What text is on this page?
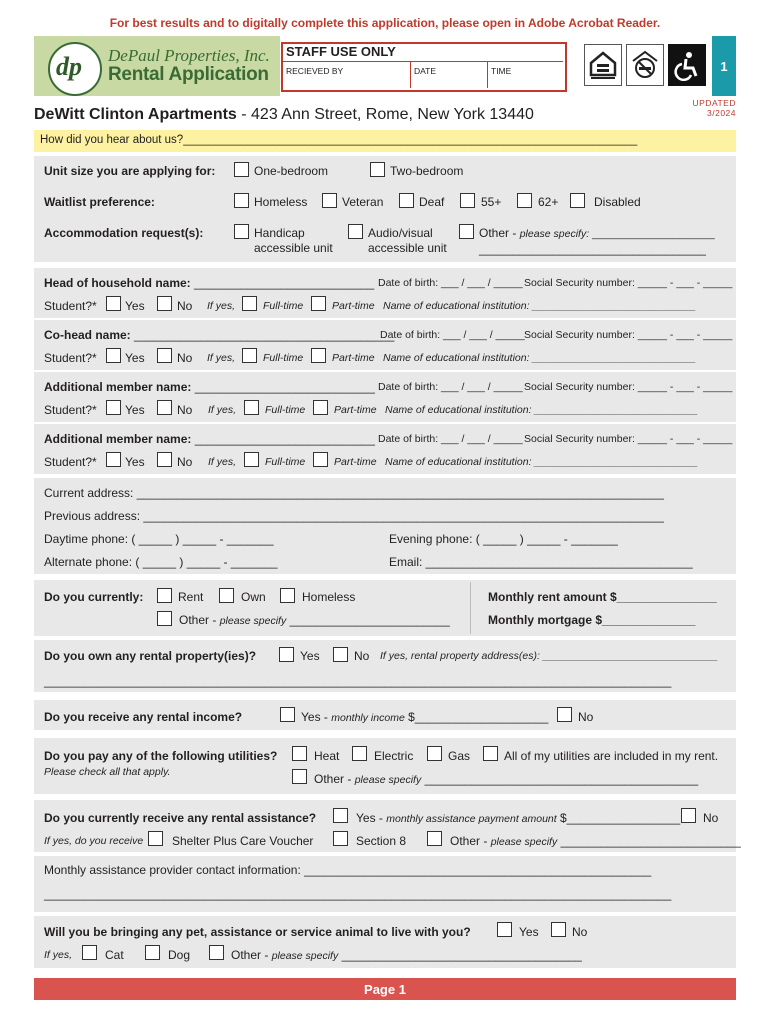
For best results and to digitally complete this application, please open in Adobe Acrobat Reader.
dp DePaul Properties, Inc.
Rental Application
STAFF USE ONLY
RECIEVED BY	DATE	TIME	1
UPDATED
3/2024
DeWitt Clinton Apartments - 423 Ann Street, Rome, New York 13440
How did you hear about us?_______________________________________________________________________
Unit size you are applying for:	One-bedroom	Two-bedroom
Waitlist preference:	Homeless	Veteran	Deaf	55+	62+	Disabled
Accommodation request(s):	Handicap
accessible unit
Audio/visual
accessible unit
Other - please specify: _____________________
__________________________________
Head of household name: ___________________________ Date of birth: ___ / ___ / _____ Social Security number: _____ - ___ - _____
Student?* Yes	No If yes,	Full-time	Part-time Name of educational institution: ____________________________
Co-head name: _______________________________________
Date of birth: ___ / ___ / _____ Social Security number: _____ - ___ - _____
Student?* Yes	No If yes,	Full-time	Part-time Name of educational institution: ____________________________
Additional member name: ___________________________ Date of birth: ___ / ___ / _____ Social Security number: _____ - ___ - _____
Student?* Yes	No If yes,	Full-time	Part-time Name of educational institution: ____________________________
Additional member name: ___________________________ Date of birth: ___ / ___ / _____ Social Security number: _____ - ___ - _____
Student?* Yes	No If yes,	Full-time	Part-time Name of educational institution: ____________________________
Current address: _______________________________________________________________________________
Previous address: ______________________________________________________________________________
Daytime phone: ( _____ ) _____ - _______	Evening phone: ( _____ ) _____ - _______
Alternate phone: ( _____ ) _____ - _______	Email: ________________________________________
Do you currently:	Rent	Own	Homeless
Other - please specify ________________________
Monthly rent amount $_______________
Monthly mortgage $______________
Do you own any rental property(ies)?	Yes	No If yes, rental property address(es): ______________________________
______________________________________________________________________________________________
Do you receive any rental income?	Yes - monthly income $____________________ No
Do you pay any of the following utilities?
Please check all that apply.
Heat	Electric	Gas	All of my utilities are included in my rent.
Other - please specify _________________________________________
Do you currently receive any rental assistance?	Yes - monthly assistance payment amount $_________________ No
If yes, do you receive Shelter Plus Care Voucher	Section 8	Other - please specify ___________________________
Monthly assistance provider contact information: ____________________________________________________
______________________________________________________________________________________________
Will you be bringing any pet, assistance or service animal to live with you?	Yes	No
If yes,	Cat	Dog	Other - please specify ____________________________________
Page 1
